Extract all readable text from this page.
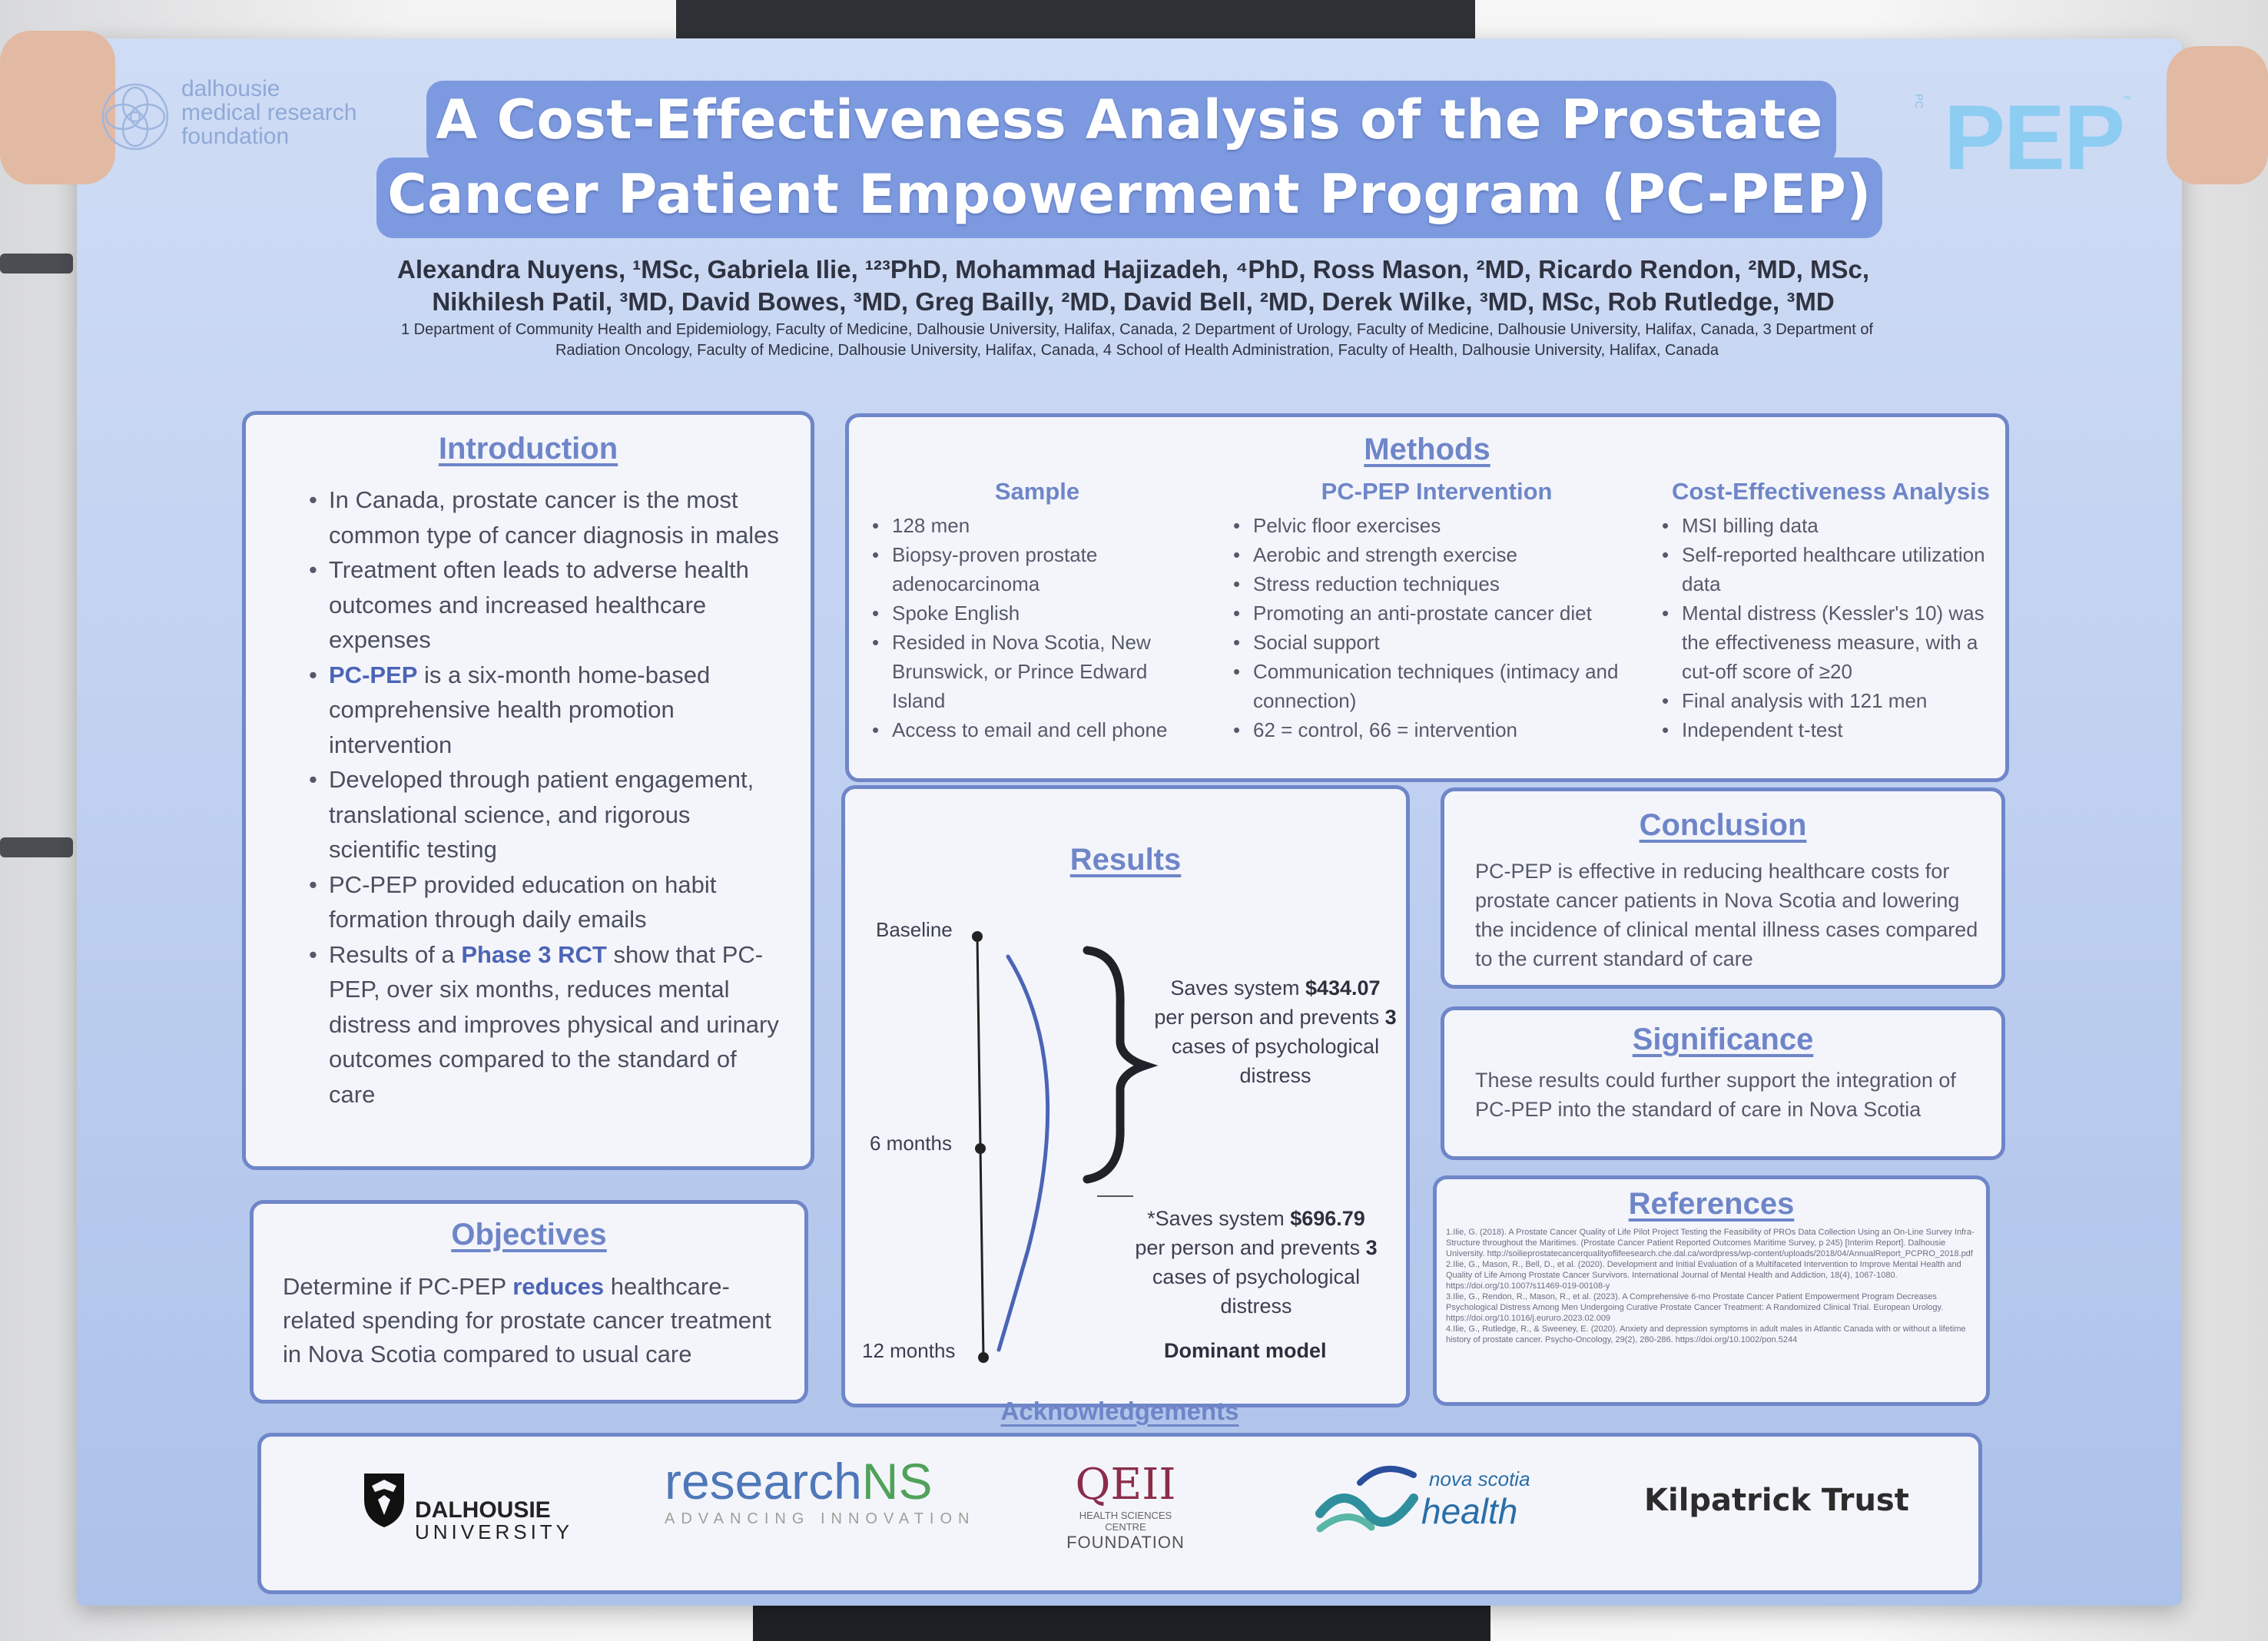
dalhousie
medical research
foundation
PC PEP
™
A Cost-Effectiveness Analysis of the Prostate
Cancer Patient Empowerment Program (PC-PEP)
Alexandra Nuyens, ¹MSc, Gabriela Ilie, ¹²³PhD, Mohammad Hajizadeh, ⁴PhD, Ross Mason, ²MD, Ricardo Rendon, ²MD, MSc,
Nikhilesh Patil, ³MD, David Bowes, ³MD, Greg Bailly, ²MD, David Bell, ²MD, Derek Wilke, ³MD, MSc, Rob Rutledge, ³MD
1 Department of Community Health and Epidemiology, Faculty of Medicine, Dalhousie University, Halifax, Canada, 2 Department of Urology, Faculty of Medicine, Dalhousie University, Halifax, Canada, 3 Department of Radiation Oncology, Faculty of Medicine, Dalhousie University, Halifax, Canada, 4 School of Health Administration, Faculty of Health, Dalhousie University, Halifax, Canada
Introduction
• In Canada, prostate cancer is the most common type of cancer diagnosis in males
• Treatment often leads to adverse health outcomes and increased healthcare expenses
• PC-PEP is a six-month home-based comprehensive health promotion intervention
• Developed through patient engagement, translational science, and rigorous scientific testing
• PC-PEP provided education on habit formation through daily emails
• Results of a Phase 3 RCT show that PC-PEP, over six months, reduces mental distress and improves physical and urinary outcomes compared to the standard of care
Objectives
Determine if PC-PEP reduces healthcare-related spending for prostate cancer treatment in Nova Scotia compared to usual care
Methods
Sample
• 128 men
• Biopsy-proven prostate adenocarcinoma
• Spoke English
• Resided in Nova Scotia, New Brunswick, or Prince Edward Island
• Access to email and cell phone
PC-PEP Intervention
• Pelvic floor exercises
• Aerobic and strength exercise
• Stress reduction techniques
• Promoting an anti-prostate cancer diet
• Social support
• Communication techniques (intimacy and connection)
• 62 = control, 66 = intervention
Cost-Effectiveness Analysis
• MSI billing data
• Self-reported healthcare utilization data
• Mental distress (Kessler's 10) was the effectiveness measure, with a cut-off score of ≥20
• Final analysis with 121 men
• Independent t-test
Results
Baseline
6 months
12 months
Saves system $434.07
per person and prevents 3 cases of psychological distress
*Saves system $696.79
per person and prevents 3 cases of psychological distress
Dominant model
Conclusion
PC-PEP is effective in reducing healthcare costs for prostate cancer patients in Nova Scotia and lowering the incidence of clinical mental illness cases compared to the current standard of care
Significance
These results could further support the integration of PC-PEP into the standard of care in Nova Scotia
References
1.Ilie, G. (2018). A Prostate Cancer Quality of Life Pilot Project Testing the Feasibility of PROs Data Collection Using an On-Line Survey Infra-Structure throughout the Maritimes. (Prostate Cancer Patient Reported Outcomes Maritime Survey, p 245) [Interim Report]. Dalhousie University. http://soilieprostatecancerqualityoflifeesearch.che.dal.ca/wordpress/wp-content/uploads/2018/04/AnnualReport_PCPRO_2018.pdf
2.Ilie, G., Mason, R., Bell, D., et al. (2020). Development and Initial Evaluation of a Multifaceted Intervention to Improve Mental Health and Quality of Life Among Prostate Cancer Survivors. International Journal of Mental Health and Addiction, 18(4), 1067-1080. https://doi.org/10.1007/s11469-019-00108-y
3.Ilie, G., Rendon, R., Mason, R., et al. (2023). A Comprehensive 6-mo Prostate Cancer Patient Empowerment Program Decreases Psychological Distress Among Men Undergoing Curative Prostate Cancer Treatment: A Randomized Clinical Trial. European Urology. https://doi.org/10.1016/j.eururo.2023.02.009
4.Ilie, G., Rutledge, R., & Sweeney, E. (2020). Anxiety and depression symptoms in adult males in Atlantic Canada with or without a lifetime history of prostate cancer. Psycho-Oncology, 29(2), 280-286. https://doi.org/10.1002/pon.5244
Acknowledgements
DALHOUSIE
UNIVERSITY
researchNS
ADVANCING INNOVATION
QEII
HEALTH SCIENCES CENTRE
FOUNDATION
nova scotia
health	Kilpatrick Trust
